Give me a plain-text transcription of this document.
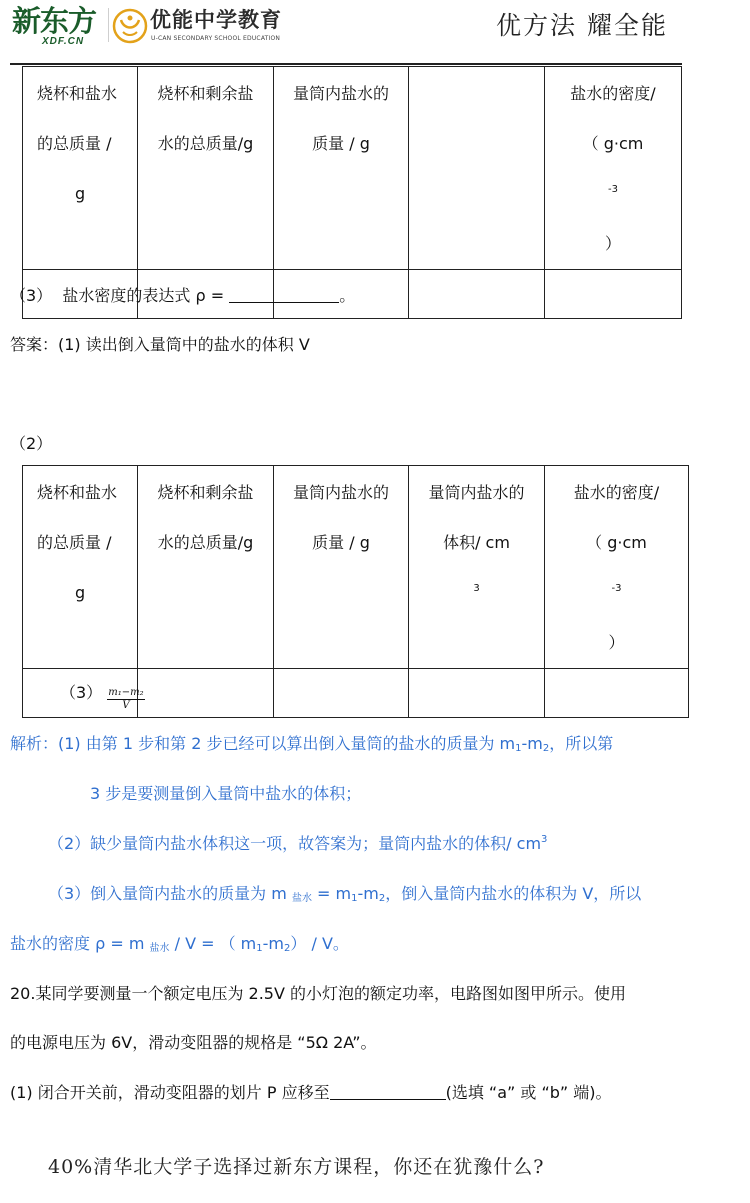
新东方
XDF.CN
优能中学教育
U-CAN SECONDARY SCHOOL EDUCATION	优方法 耀全能
烧杯和盐水
的总质量 /
g	烧杯和剩余盐
水的总质量/g	量筒内盐水的
质量 / g		盐水的密度/
（ g·cm
$^{-3}$
）

（3） 盐水密度的表达式 ρ =	。
答案：(1) 读出倒入量筒中的盐水的体积 V
（2）
烧杯和盐水
的总质量 /
g	烧杯和剩余盐
水的总质量/g	量筒内盐水的
质量 / g	量筒内盐水的
体积/ cm
$^3$	盐水的密度/
（ g·cm
$^{-3}$
）

$(3) \frac{\text{m₁−m₂}}{V}$
解析：(1) 由第 1 步和第 2 步已经可以算出倒入量筒的盐水的质量为 $m_1-m_2$，所以第
3 步是要测量倒入量筒中盐水的体积；
（2）缺少量筒内盐水体积这一项，故答案为；量筒内盐水的体积/ $cm^3$
（3）倒入量筒内盐水的质量为 m $_{盐水} = m_1-m_2$，倒入量筒内盐水的体积为 V，所以
盐水的密度 ρ = m $_{盐水}$ / V = （ $m_1-m_2$） / V。
20.某同学要测量一个额定电压为 2.5V 的小灯泡的额定功率，电路图如图甲所示。使用
的电源电压为 6V，滑动变阻器的规格是 “5Ω 2A”。
(1) 闭合开关前，滑动变阻器的划片 P 应移至	(选填 “a” 或 “b” 端)。
40%清华北大学子选择过新东方课程，你还在犹豫什么?
